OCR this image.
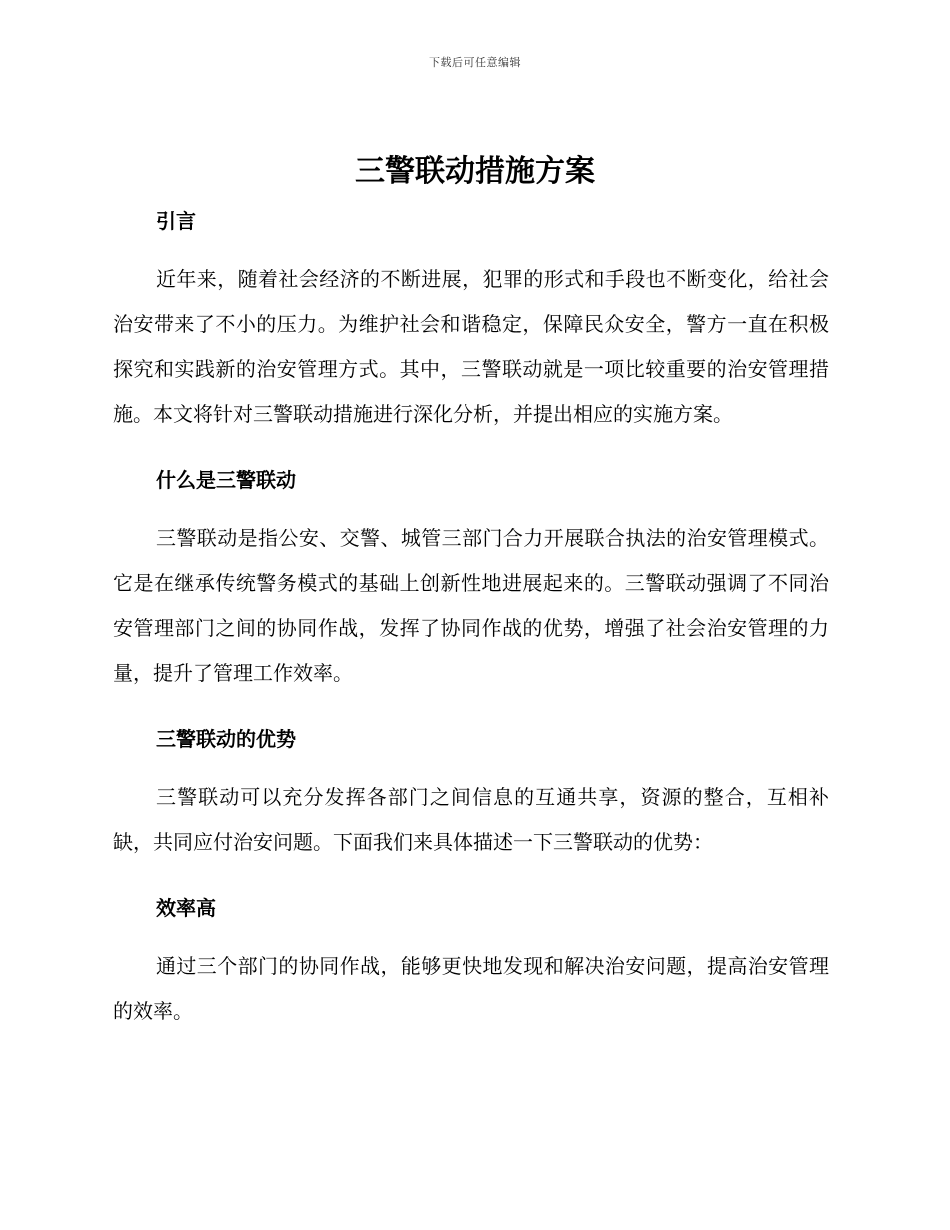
下载后可任意编辑
三警联动措施方案
引言

近年来，随着社会经济的不断进展，犯罪的形式和手段也不断变化，给社会治安带来了不小的压力。为维护社会和谐稳定，保障民众安全，警方一直在积极探究和实践新的治安管理方式。其中，三警联动就是一项比较重要的治安管理措施。本文将针对三警联动措施进行深化分析，并提出相应的实施方案。

什么是三警联动

三警联动是指公安、交警、城管三部门合力开展联合执法的治安管理模式。它是在继承传统警务模式的基础上创新性地进展起来的。三警联动强调了不同治安管理部门之间的协同作战，发挥了协同作战的优势，增强了社会治安管理的力量，提升了管理工作效率。

三警联动的优势

三警联动可以充分发挥各部门之间信息的互通共享，资源的整合，互相补缺，共同应付治安问题。下面我们来具体描述一下三警联动的优势：

效率高

通过三个部门的协同作战，能够更快地发现和解决治安问题，提高治安管理的效率。
